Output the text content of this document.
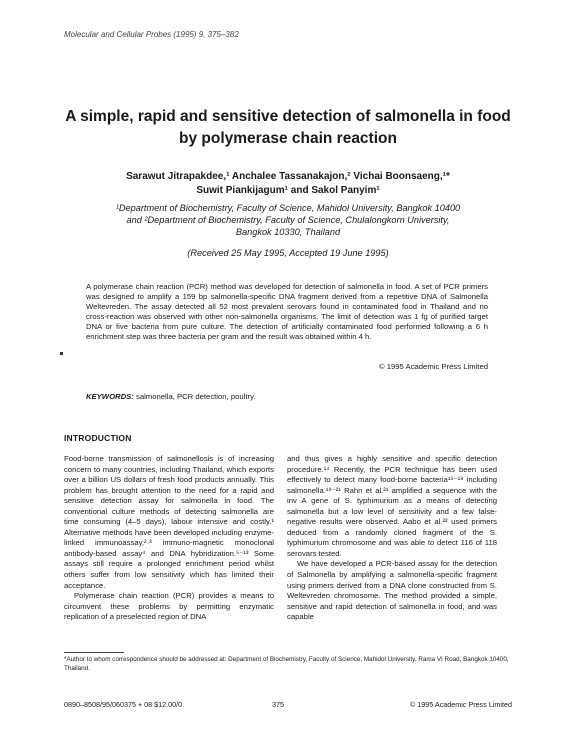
Molecular and Cellular Probes (1995) 9, 375–382
A simple, rapid and sensitive detection of salmonella in food by polymerase chain reaction
Sarawut Jitrapakdee,¹ Anchalee Tassanakajon,² Vichai Boonsaeng,¹*
Suwit Piankijagum¹ and Sakol Panyim¹
¹Department of Biochemistry, Faculty of Science, Mahidol University, Bangkok 10400
and ²Department of Biochemistry, Faculty of Science, Chulalongkorn University,
Bangkok 10330, Thailand
(Received 25 May 1995, Accepted 19 June 1995)
A polymerase chain reaction (PCR) method was developed for detection of salmonella in food. A set of PCR primers was designed to amplify a 159 bp salmonella-specific DNA fragment derived from a repetitive DNA of Salmonella Weltevreden. The assay detected all 52 most prevalent serovars found in contaminated food in Thailand and no cross-reaction was observed with other non-salmonella organisms. The limit of detection was 1 fg of purified target DNA or five bacteria from pure culture. The detection of artificially contaminated food performed following a 6 h enrichment step was three bacteria per gram and the result was obtained within 4 h.
© 1995 Academic Press Limited
KEYWORDS: salmonella, PCR detection, poultry.
INTRODUCTION

Food-borne transmission of salmonellosis is of increasing concern to many countries, including Thailand, which exports over a billion US dollars of fresh food products annually. This problem has brought attention to the need for a rapid and sensitive detection assay for salmonella in food. The conventional culture methods of detecting salmonella are time consuming (4–5 days), labour intensive and costly.¹ Alternative methods have been developed including enzyme-linked immunoassay,²·³ immuno-magnetic monoclonal antibody-based assay⁴ and DNA hybridization.⁵⁻¹³ Some assays still require a prolonged enrichment period whilst others suffer from low sensitivity which has limited their acceptance.

Polymerase chain reaction (PCR) provides a means to circumvent these problems by permitting enzymatic replication of a preselected region of DNA

and thus gives a highly sensitive and specific detection procedure.¹⁴ Recently, the PCR technique has been used effectively to detect many food-borne bacteria¹⁵⁻¹⁸ including salmonella.¹⁹⁻²¹ Rahn et al.²¹ amplified a sequence with the inv A gene of S. typhimurium as a means of detecting salmonella but a low level of sensitivity and a few false-negative results were observed. Aabo et al.²² used primers deduced from a randomly cloned fragment of the S. typhimurium chromosome and was able to detect 116 of 118 serovars tested.

We have developed a PCR-based assay for the detection of Salmonella by amplifying a salmonella-specific fragment using primers derived from a DNA clone constructed from S. Weltevreden chromosome. The method provided a simple, sensitive and rapid detection of salmonella in food, and was capable

*Author to whom correspondence should be addressed at: Department of Biochemistry, Faculty of Science, Mahidol University, Rama VI Road, Bangkok 10400, Thailand.
0890–8508/95/060375 + 08 $12.00/0	375	© 1995 Academic Press Limited
